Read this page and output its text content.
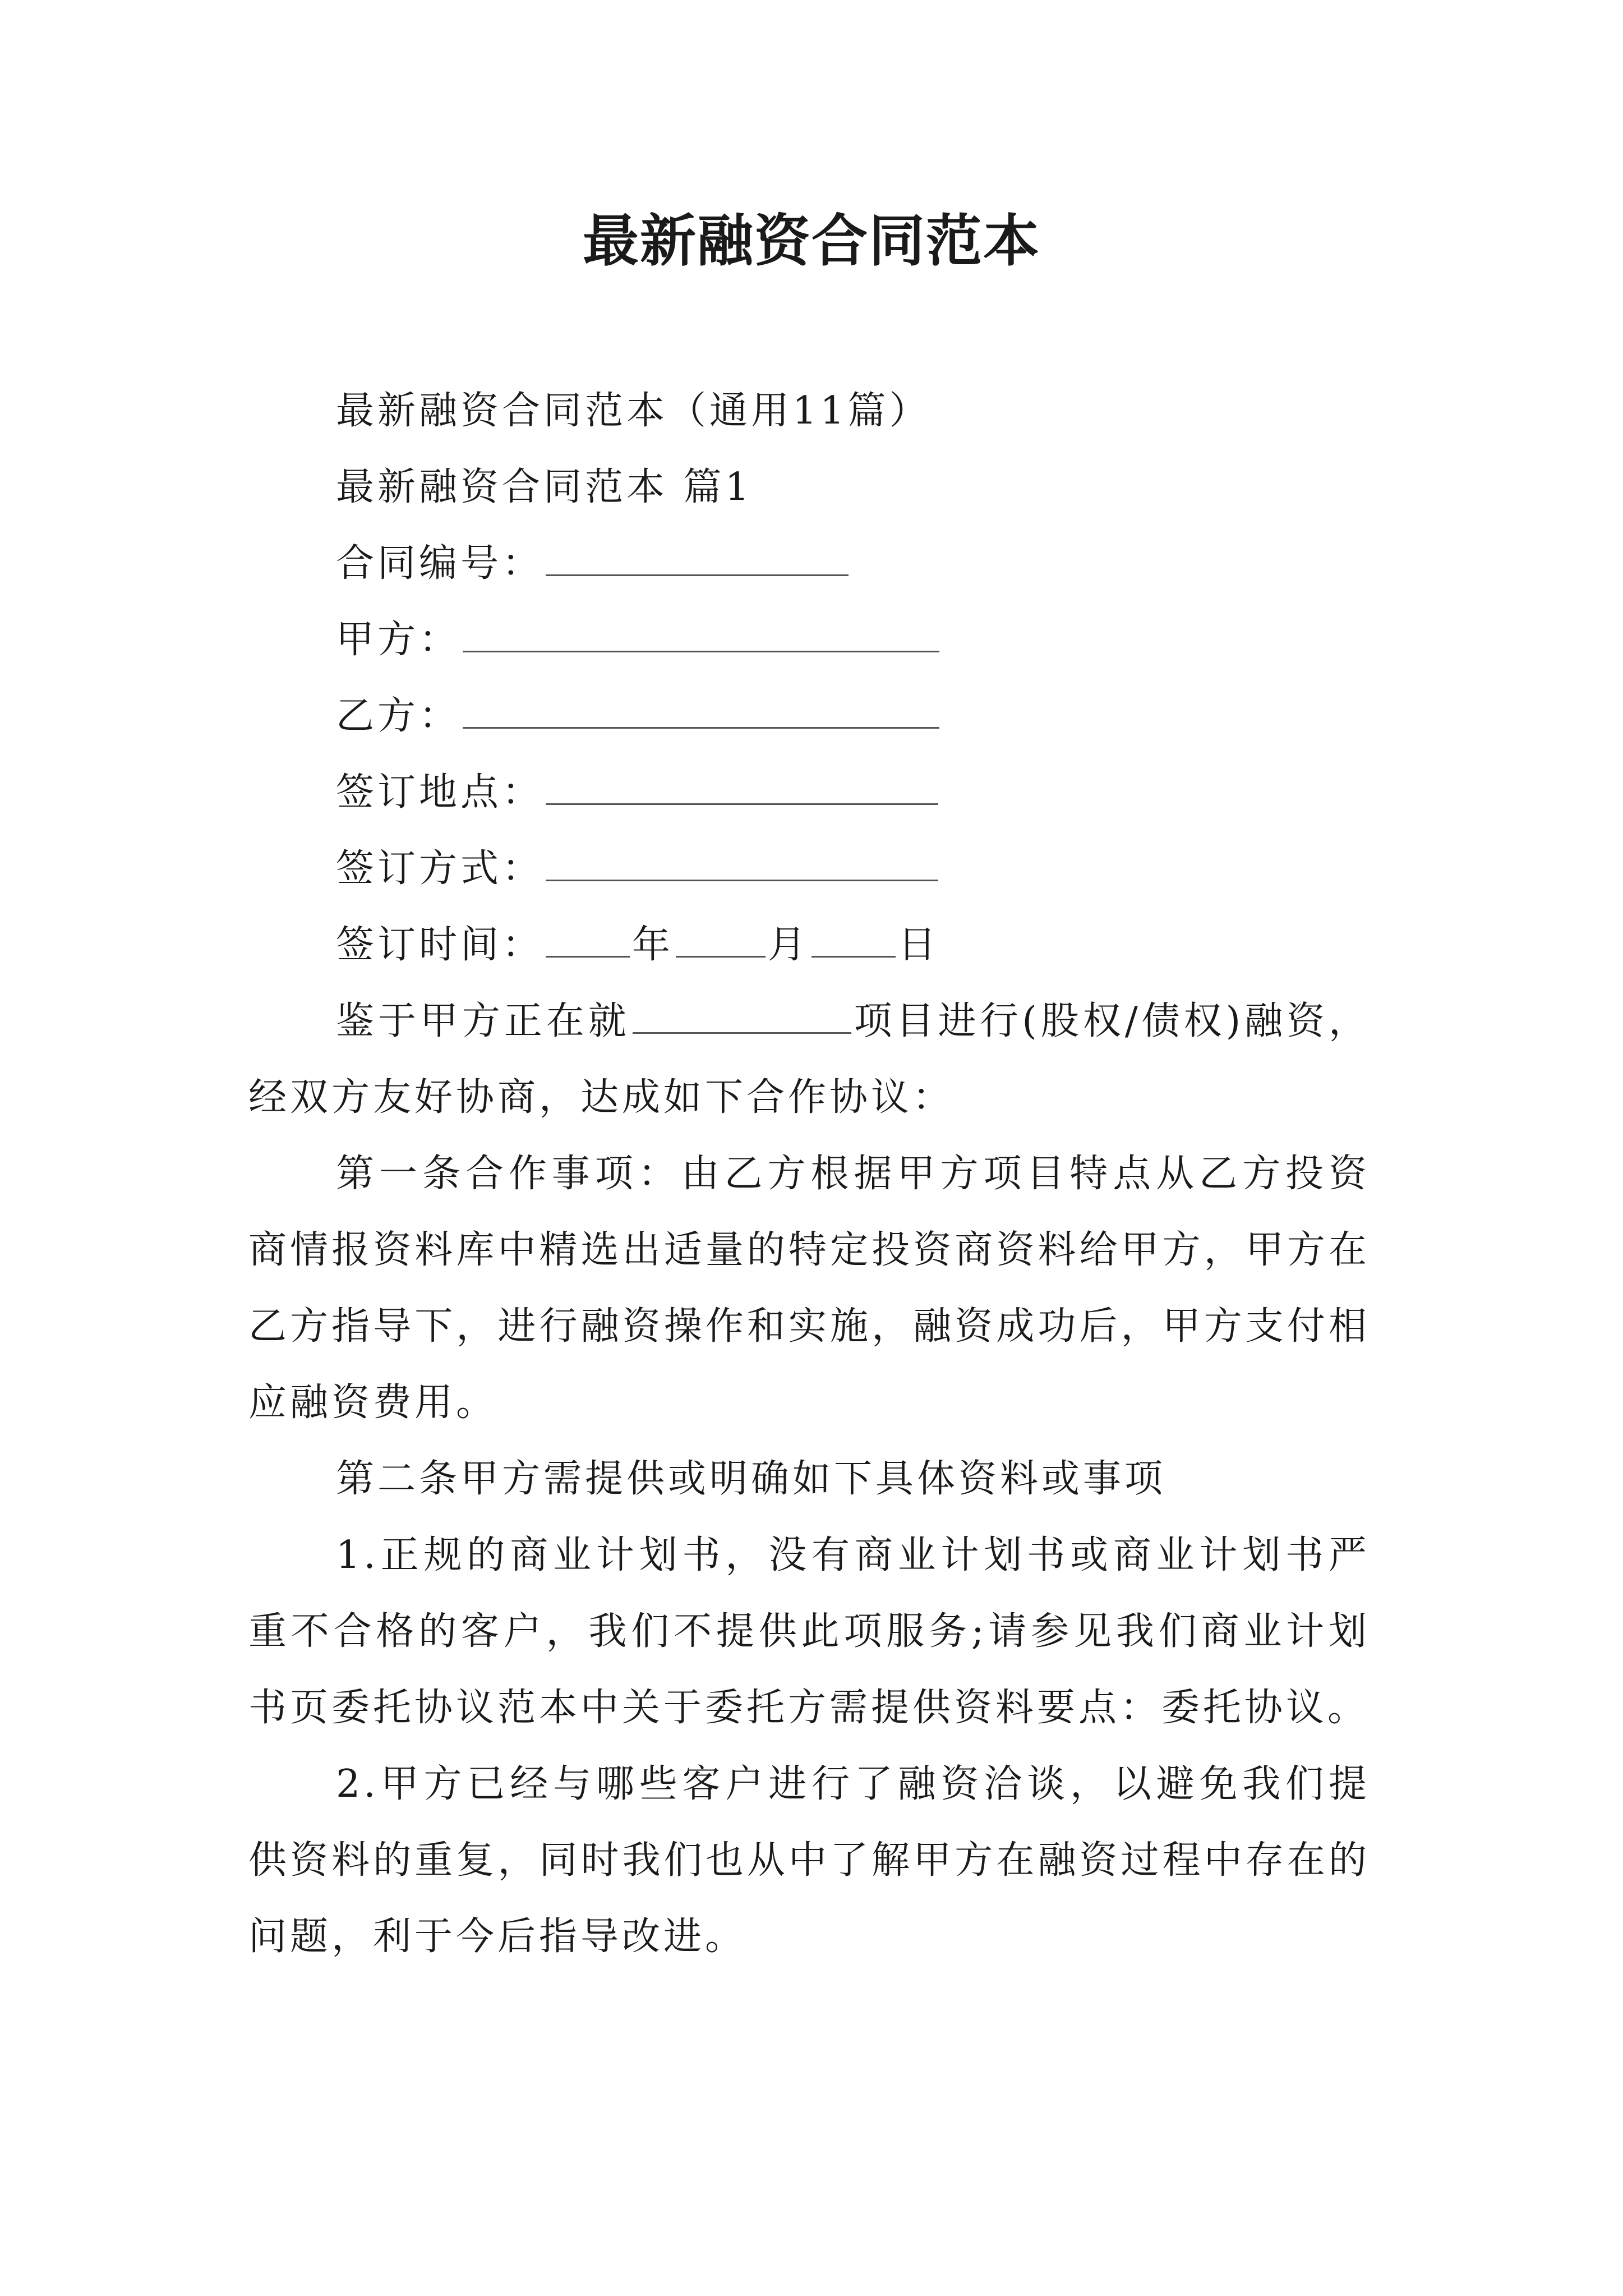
最新融资合同范本
最新融资合同范本（通用11篇）
最新融资合同范本 篇1
合同编号：
甲方：
乙方：
签订地点：
签订方式：
签订时间： 年 月 日
鉴于甲方正在就	项目进行(股权/债权)融资，经双方友好协商，达成如下合作协议：
第一条合作事项：由乙方根据甲方项目特点从乙方投资商情报资料库中精选出适量的特定投资商资料给甲方，甲方在乙方指导下，进行融资操作和实施，融资成功后，甲方支付相应融资费用。
第二条甲方需提供或明确如下具体资料或事项
1.正规的商业计划书，没有商业计划书或商业计划书严重不合格的客户，我们不提供此项服务;请参见我们商业计划书页委托协议范本中关于委托方需提供资料要点：委托协议。
2.甲方已经与哪些客户进行了融资洽谈，以避免我们提供资料的重复，同时我们也从中了解甲方在融资过程中存在的问题，利于今后指导改进。
